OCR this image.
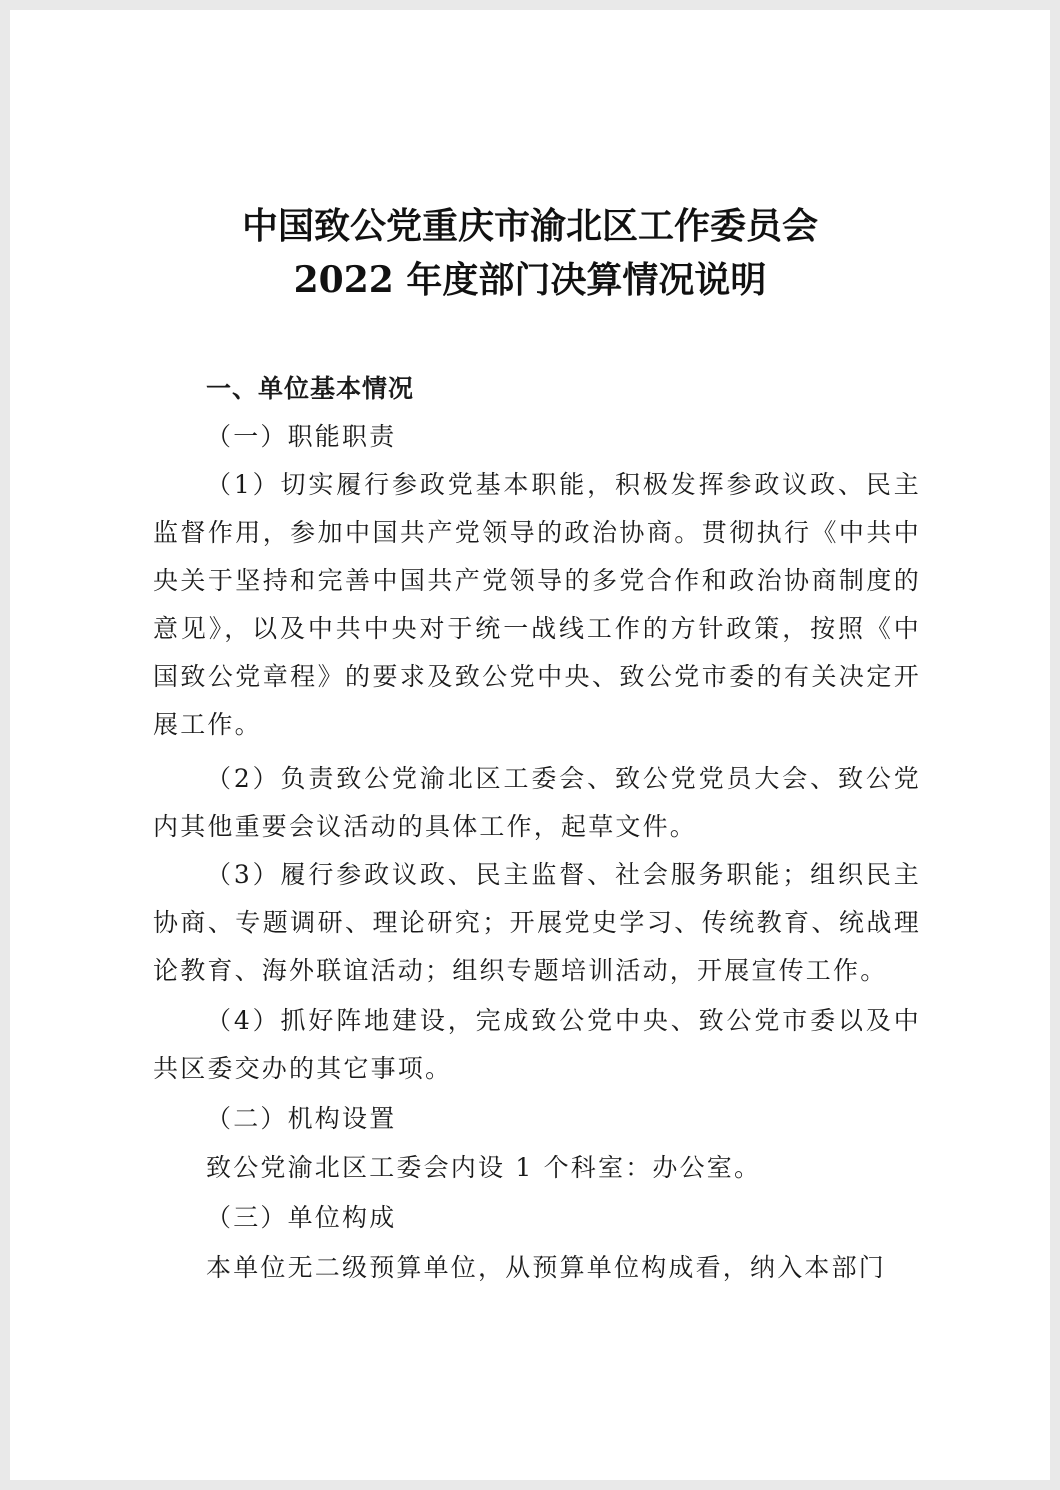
中国致公党重庆市渝北区工作委员会
2022 年度部门决算情况说明
一、单位基本情况
（一）职能职责
（1）切实履行参政党基本职能，积极发挥参政议政、民主监督作用，参加中国共产党领导的政治协商。贯彻执行《中共中央关于坚持和完善中国共产党领导的多党合作和政治协商制度的意见》，以及中共中央对于统一战线工作的方针政策，按照《中国致公党章程》的要求及致公党中央、致公党市委的有关决定开展工作。
（2）负责致公党渝北区工委会、致公党党员大会、致公党内其他重要会议活动的具体工作，起草文件。
（3）履行参政议政、民主监督、社会服务职能；组织民主协商、专题调研、理论研究；开展党史学习、传统教育、统战理论教育、海外联谊活动；组织专题培训活动，开展宣传工作。
（4）抓好阵地建设，完成致公党中央、致公党市委以及中共区委交办的其它事项。
（二）机构设置
致公党渝北区工委会内设 1 个科室：办公室。
（三）单位构成
本单位无二级预算单位，从预算单位构成看，纳入本部门
